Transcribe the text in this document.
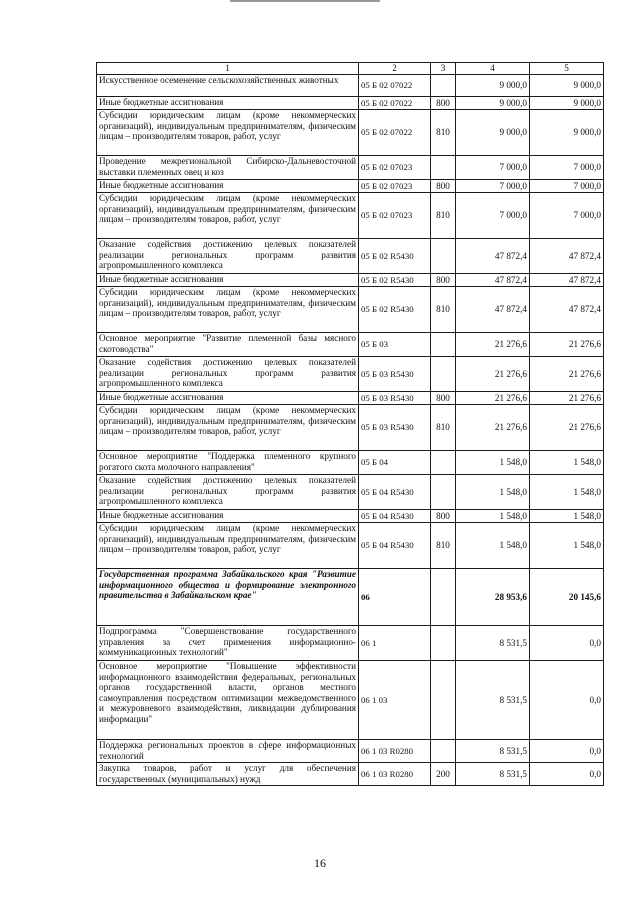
1	2	3	4	5
Искусственное осеменение сельскохозяйственных животных	05 Б 02 07022		9 000,0	9 000,0
Иные бюджетные ассигнования	05 Б 02 07022	800	9 000,0	9 000,0
Субсидии юридическим лицам (кроме некоммерческих организаций), индивидуальным предпринимателям, физическим лицам – производителям товаров, работ, услуг	05 Б 02 07022	810	9 000,0	9 000,0
Проведение межрегиональной Сибирско-Дальневосточной выставки племенных овец и коз	05 Б 02 07023		7 000,0	7 000,0
Иные бюджетные ассигнования	05 Б 02 07023	800	7 000,0	7 000,0
Субсидии юридическим лицам (кроме некоммерческих организаций), индивидуальным предпринимателям, физическим лицам – производителям товаров, работ, услуг	05 Б 02 07023	810	7 000,0	7 000,0
Оказание содействия достижению целевых показателей реализации региональных программ развития агропромышленного комплекса	05 Б 02 R5430		47 872,4	47 872,4
Иные бюджетные ассигнования	05 Б 02 R5430	800	47 872,4	47 872,4
Субсидии юридическим лицам (кроме некоммерческих организаций), индивидуальным предпринимателям, физическим лицам – производителям товаров, работ, услуг	05 Б 02 R5430	810	47 872,4	47 872,4
Основное мероприятие "Развитие племенной базы мясного скотоводства"	05 Б 03		21 276,6	21 276,6
Оказание содействия достижению целевых показателей реализации региональных программ развития агропромышленного комплекса	05 Б 03 R5430		21 276,6	21 276,6
Иные бюджетные ассигнования	05 Б 03 R5430	800	21 276,6	21 276,6
Субсидии юридическим лицам (кроме некоммерческих организаций), индивидуальным предпринимателям, физическим лицам – производителям товаров, работ, услуг	05 Б 03 R5430	810	21 276,6	21 276,6
Основное мероприятие "Поддержка племенного крупного рогатого скота молочного направления"	05 Б 04		1 548,0	1 548,0
Оказание содействия достижению целевых показателей реализации региональных программ развития агропромышленного комплекса	05 Б 04 R5430		1 548,0	1 548,0
Иные бюджетные ассигнования	05 Б 04 R5430	800	1 548,0	1 548,0
Субсидии юридическим лицам (кроме некоммерческих организаций), индивидуальным предпринимателям, физическим лицам – производителям товаров, работ, услуг	05 Б 04 R5430	810	1 548,0	1 548,0
Государственная программа Забайкальского края "Развитие информационного общества и формирование электронного правительства в Забайкальском крае"	06		28 953,6	20 145,6
Подпрограмма "Совершенствование государственного управления за счет применения информационно-коммуникационных технологий"	06 1		8 531,5	0,0
Основное мероприятие "Повышение эффективности информационного взаимодействия федеральных, региональных органов государственной власти, органов местного самоуправления посредством оптимизации межведомственного и межуровневого взаимодействия, ликвидации дублирования информации"	06 1 03		8 531,5	0,0
Поддержка региональных проектов в сфере информационных технологий	06 1 03 R0280		8 531,5	0,0
Закупка товаров, работ и услуг для обеспечения государственных (муниципальных) нужд	06 1 03 R0280	200	8 531,5	0,0
16
